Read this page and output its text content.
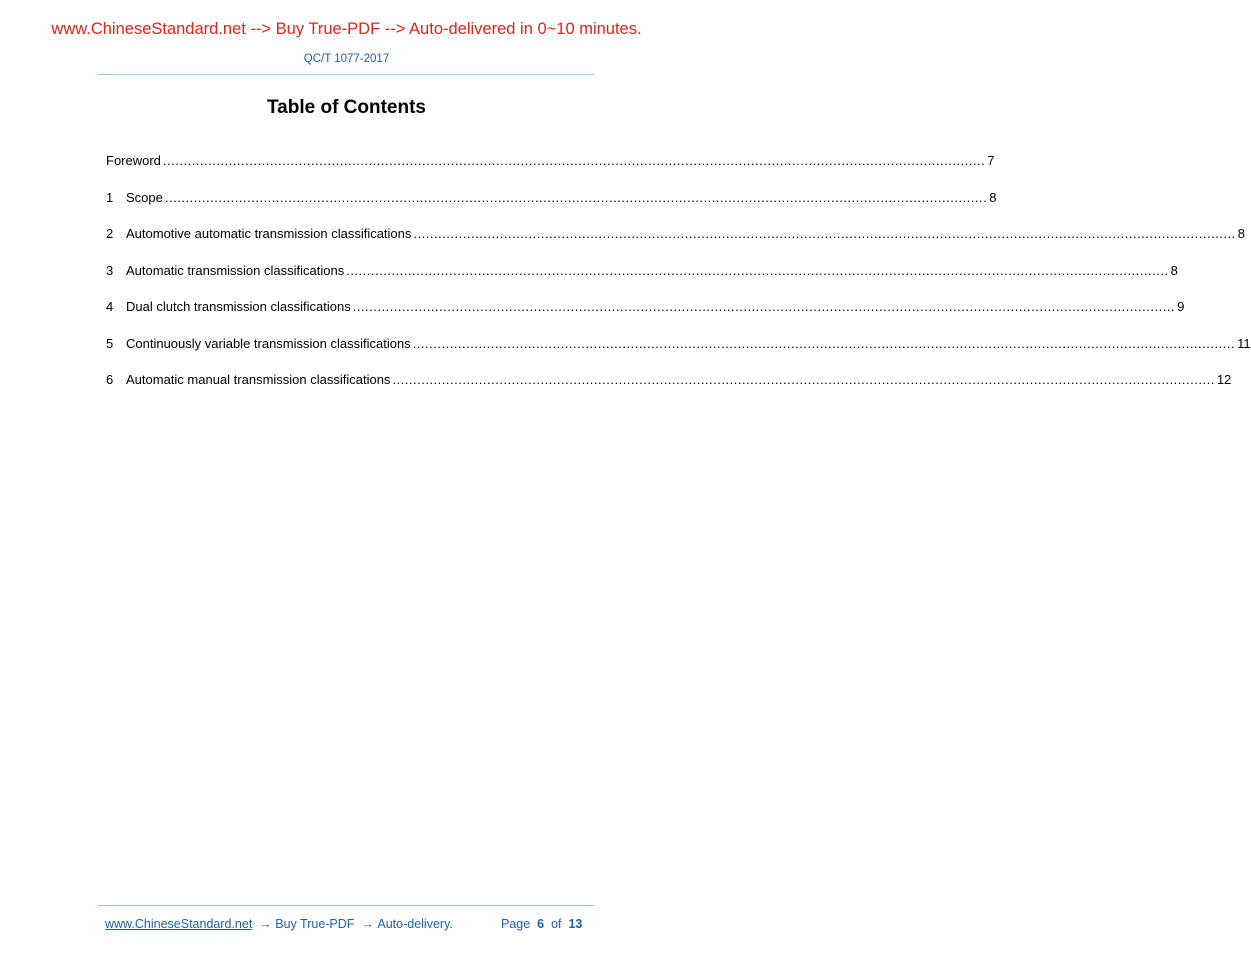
www.ChineseStandard.net --> Buy True-PDF --> Auto-delivered in 0~10 minutes.
QC/T 1077-2017
Table of Contents
Foreword ........................................................................................................................................................................................................ 7
1 Scope ........................................................................................................................................................................................................ 8
2 Automotive automatic transmission classifications ........................................................................................................................................................................................................ 8
3 Automatic transmission classifications ........................................................................................................................................................................................................ 8
4 Dual clutch transmission classifications ........................................................................................................................................................................................................ 9
5 Continuously variable transmission classifications ........................................................................................................................................................................................................ 11
6 Automatic manual transmission classifications ........................................................................................................................................................................................................ 12
www.ChineseStandard.net  → Buy True-PDF  → Auto-delivery.	Page 6 of 13
